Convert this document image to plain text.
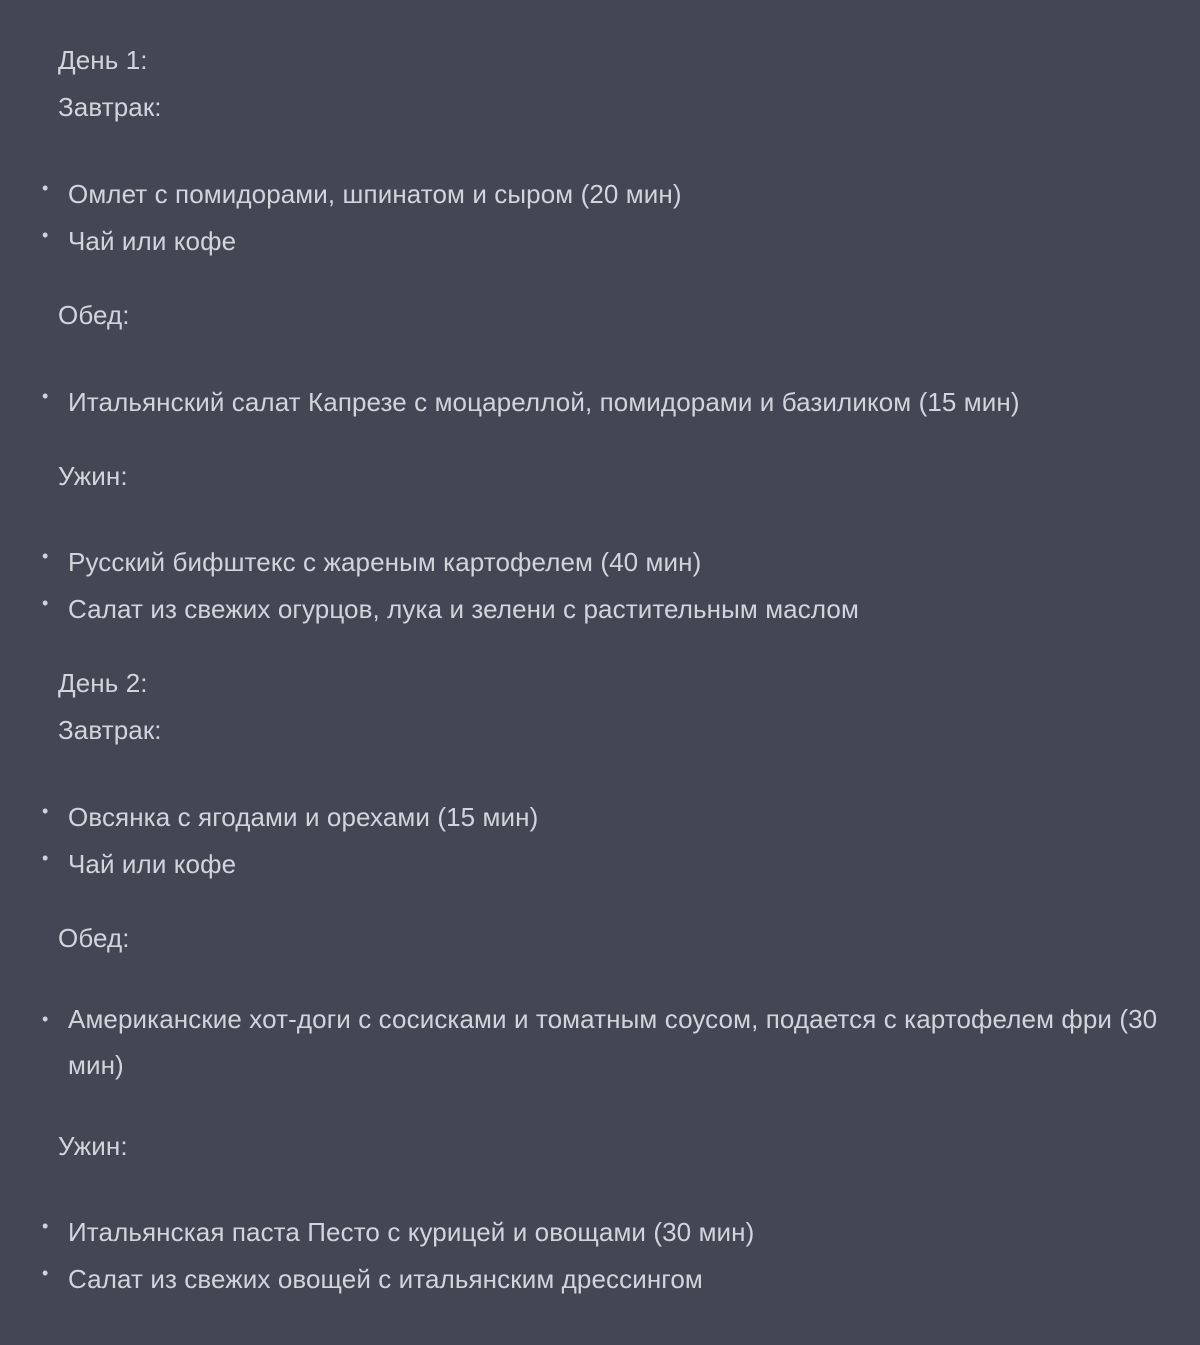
День 1:
Завтрак:
• Омлет с помидорами, шпинатом и сыром (20 мин)
• Чай или кофе
Обед:
• Итальянский салат Капрезе с моцареллой, помидорами и базиликом (15 мин)
Ужин:
• Русский бифштекс с жареным картофелем (40 мин)
• Салат из свежих огурцов, лука и зелени с растительным маслом
День 2:
Завтрак:
• Овсянка с ягодами и орехами (15 мин)
• Чай или кофе
Обед:
• Американские хот-доги с сосисками и томатным соусом, подается с картофелем фри (30 мин)
Ужин:
• Итальянская паста Песто с курицей и овощами (30 мин)
• Салат из свежих овощей с итальянским дрессингом
